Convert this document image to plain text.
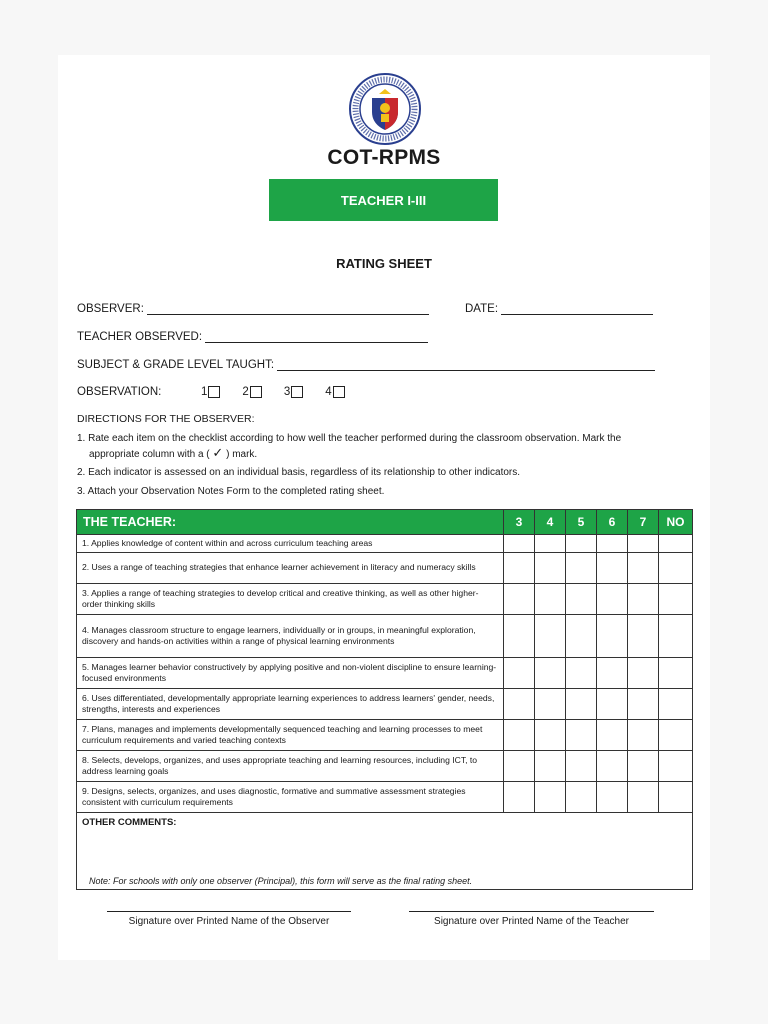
COT-RPMS
TEACHER I-III
RATING SHEET
OBSERVER:	DATE:
TEACHER OBSERVED:
SUBJECT & GRADE LEVEL TAUGHT:
OBSERVATION:	1	2	3	4
DIRECTIONS FOR THE OBSERVER:
1. Rate each item on the checklist according to how well the teacher performed during the classroom observation. Mark the
appropriate column with a ( ✓ ) mark.
2. Each indicator is assessed on an individual basis, regardless of its relationship to other indicators.
3. Attach your Observation Notes Form to the completed rating sheet.
THE TEACHER:	3	4	5	6	7	NO
1. Applies knowledge of content within and across curriculum teaching areas						
2. Uses a range of teaching strategies that enhance learner achievement in literacy and numeracy skills						
3. Applies a range of teaching strategies to develop critical and creative thinking, as well as other higher-order thinking skills						
4. Manages classroom structure to engage learners, individually or in groups, in meaningful exploration, discovery and hands-on activities within a range of physical learning environments						
5. Manages learner behavior constructively by applying positive and non-violent discipline to ensure learning-focused environments						
6. Uses differentiated, developmentally appropriate learning experiences to address learners' gender, needs, strengths, interests and experiences						
7. Plans, manages and implements developmentally sequenced teaching and learning processes to meet curriculum requirements and varied teaching contexts						
8. Selects, develops, organizes, and uses appropriate teaching and learning resources, including ICT, to address learning goals						
9. Designs, selects, organizes, and uses diagnostic, formative and summative assessment strategies consistent with curriculum requirements						

OTHER COMMENTS:
Note: For schools with only one observer (Principal), this form will serve as the final rating sheet.						
Signature over Printed Name of the Observer	Signature over Printed Name of the Teacher
